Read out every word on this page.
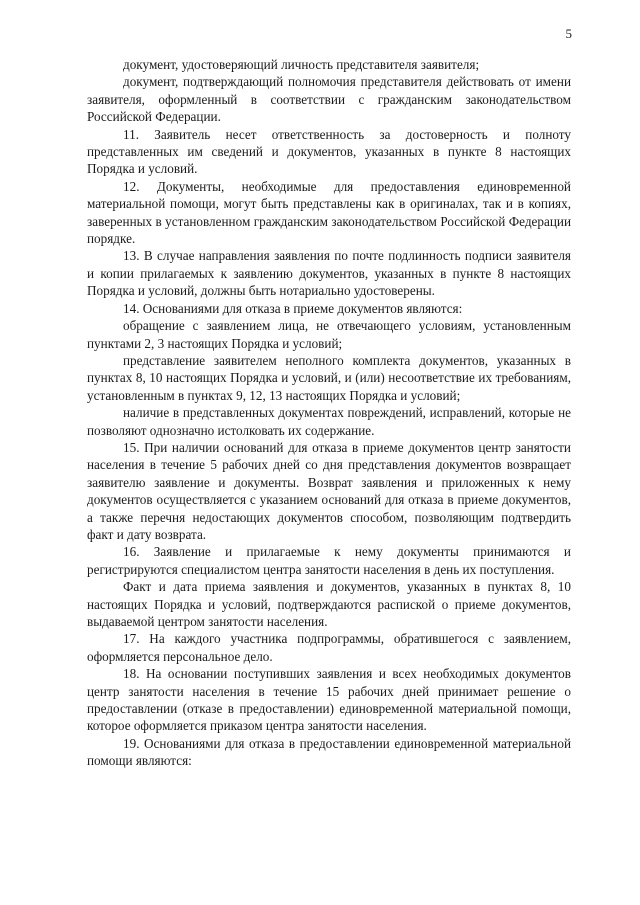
5

документ, удостоверяющий личность представителя заявителя;

документ, подтверждающий полномочия представителя действовать от имени заявителя, оформленный в соответствии с гражданским законодательством Российской Федерации.

11. Заявитель несет ответственность за достоверность и полноту представленных им сведений и документов, указанных в пункте 8 настоящих Порядка и условий.

12. Документы, необходимые для предоставления единовременной материальной помощи, могут быть представлены как в оригиналах, так и в копиях, заверенных в установленном гражданским законодательством Российской Федерации порядке.

13. В случае направления заявления по почте подлинность подписи заявителя и копии прилагаемых к заявлению документов, указанных в пункте 8 настоящих Порядка и условий, должны быть нотариально удостоверены.

14. Основаниями для отказа в приеме документов являются:

обращение с заявлением лица, не отвечающего условиям, установленным пунктами 2, 3 настоящих Порядка и условий;

представление заявителем неполного комплекта документов, указанных в пунктах 8, 10 настоящих Порядка и условий, и (или) несоответствие их требованиям, установленным в пунктах 9, 12, 13 настоящих Порядка и условий;

наличие в представленных документах повреждений, исправлений, которые не позволяют однозначно истолковать их содержание.

15. При наличии оснований для отказа в приеме документов центр занятости населения в течение 5 рабочих дней со дня представления документов возвращает заявителю заявление и документы. Возврат заявления и приложенных к нему документов осуществляется с указанием оснований для отказа в приеме документов, а также перечня недостающих документов способом, позволяющим подтвердить факт и дату возврата.

16. Заявление и прилагаемые к нему документы принимаются и регистрируются специалистом центра занятости населения в день их поступления.

Факт и дата приема заявления и документов, указанных в пунктах 8, 10 настоящих Порядка и условий, подтверждаются распиской о приеме документов, выдаваемой центром занятости населения.

17. На каждого участника подпрограммы, обратившегося с заявлением, оформляется персональное дело.

18. На основании поступивших заявления и всех необходимых документов центр занятости населения в течение 15 рабочих дней принимает решение о предоставлении (отказе в предоставлении) единовременной материальной помощи, которое оформляется приказом центра занятости населения.

19. Основаниями для отказа в предоставлении единовременной материальной помощи являются:
